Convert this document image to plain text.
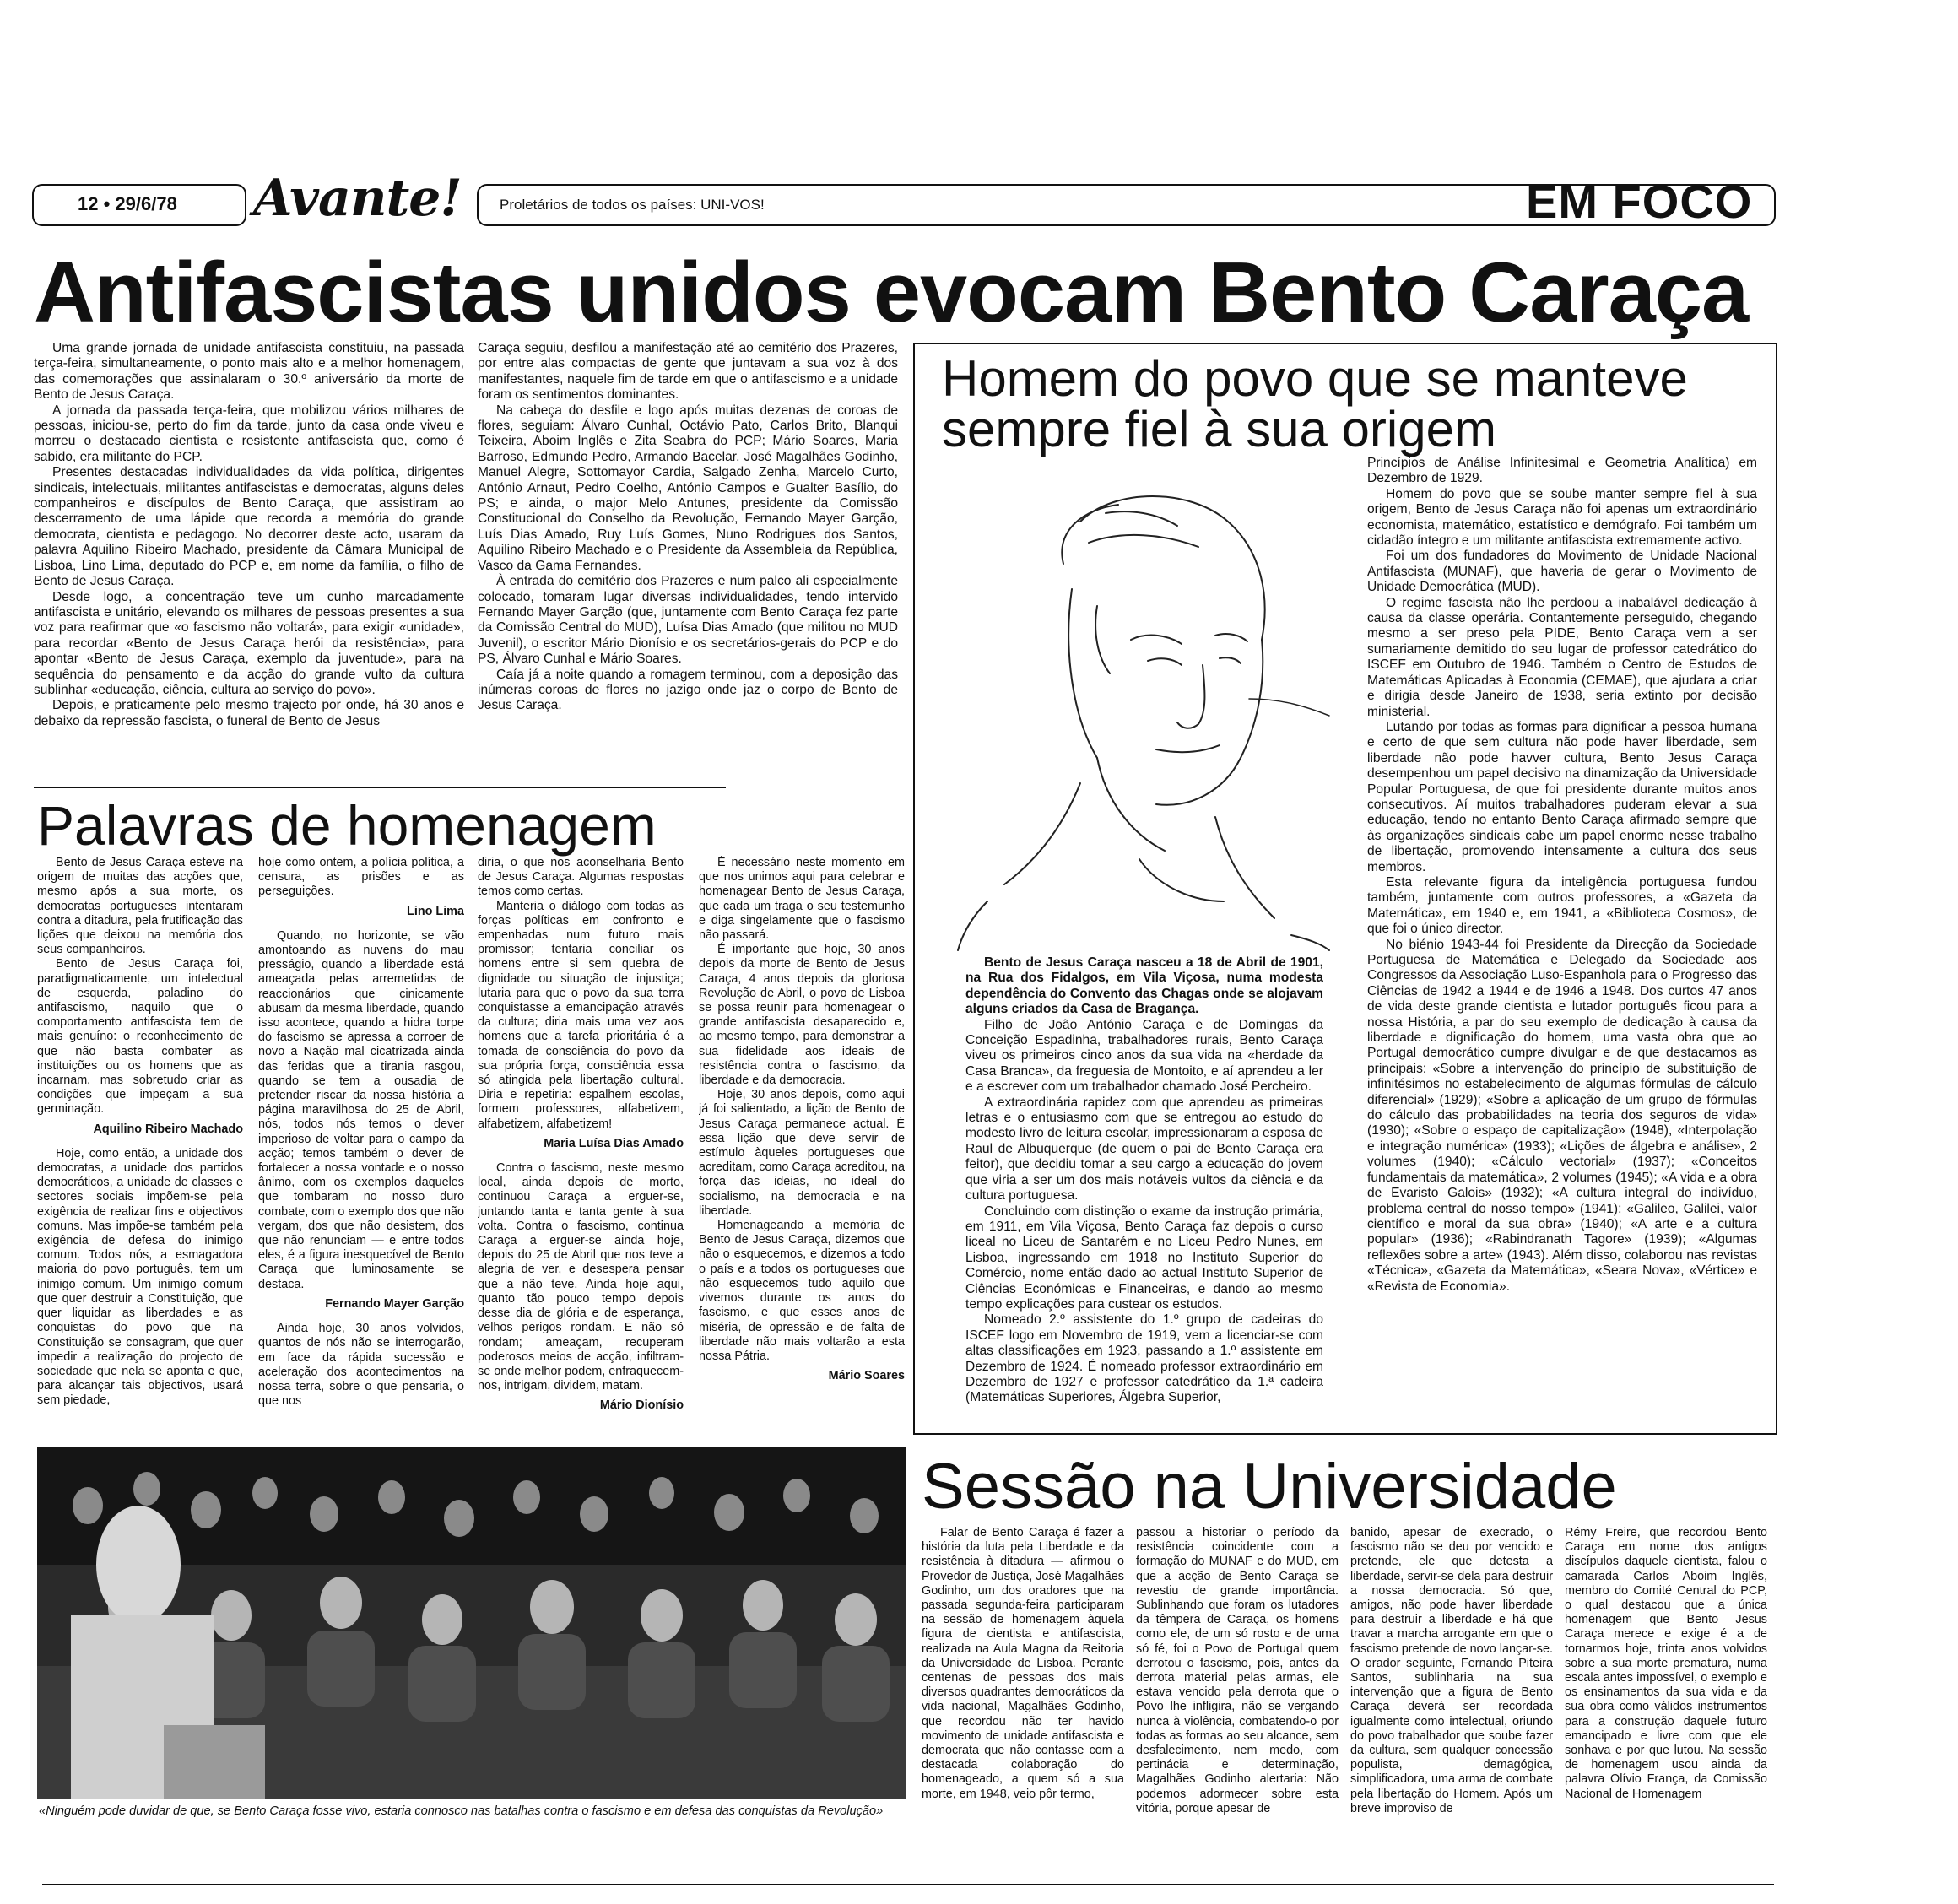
12 • 29/6/78 Avante!	Proletários de todos os países: UNI-VOS!	EM FOCO
Antifascistas unidos evocam Bento Caraça

Uma grande jornada de unidade antifascista constituiu, na passada terça-feira, simultaneamente, o ponto mais alto e a melhor homenagem, das comemorações que assinalaram o 30.º aniversário da morte de Bento de Jesus Caraça.

A jornada da passada terça-feira, que mobilizou vários milhares de pessoas, iniciou-se, perto do fim da tarde, junto da casa onde viveu e morreu o destacado cientista e resistente antifascista que, como é sabido, era militante do PCP.

Presentes destacadas individualidades da vida política, dirigentes sindicais, intelectuais, militantes antifascistas e democratas, alguns deles companheiros e discípulos de Bento Caraça, que assistiram ao descerramento de uma lápide que recorda a memória do grande democrata, cientista e pedagogo. No decorrer deste acto, usaram da palavra Aquilino Ribeiro Machado, presidente da Câmara Municipal de Lisboa, Lino Lima, deputado do PCP e, em nome da família, o filho de Bento de Jesus Caraça.

Desde logo, a concentração teve um cunho marcadamente antifascista e unitário, elevando os milhares de pessoas presentes a sua voz para reafirmar que «o fascismo não voltará», para exigir «unidade», para recordar «Bento de Jesus Caraça herói da resistência», para apontar «Bento de Jesus Caraça, exemplo da juventude», para na sequência do pensamento e da acção do grande vulto da cultura sublinhar «educação, ciência, cultura ao serviço do povo».

Depois, e praticamente pelo mesmo trajecto por onde, há 30 anos e debaixo da repressão fascista, o funeral de Bento de Jesus

Caraça seguiu, desfilou a manifestação até ao cemitério dos Prazeres, por entre alas compactas de gente que juntavam a sua voz à dos manifestantes, naquele fim de tarde em que o antifascismo e a unidade foram os sentimentos dominantes.

Na cabeça do desfile e logo após muitas dezenas de coroas de flores, seguiam: Álvaro Cunhal, Octávio Pato, Carlos Brito, Blanqui Teixeira, Aboim Inglês e Zita Seabra do PCP; Mário Soares, Maria Barroso, Edmundo Pedro, Armando Bacelar, José Magalhães Godinho, Manuel Alegre, Sottomayor Cardia, Salgado Zenha, Marcelo Curto, António Arnaut, Pedro Coelho, António Campos e Gualter Basílio, do PS; e ainda, o major Melo Antunes, presidente da Comissão Constitucional do Conselho da Revolução, Fernando Mayer Garção, Luís Dias Amado, Ruy Luís Gomes, Nuno Rodrigues dos Santos, Aquilino Ribeiro Machado e o Presidente da Assembleia da República, Vasco da Gama Fernandes.

À entrada do cemitério dos Prazeres e num palco ali especialmente colocado, tomaram lugar diversas individualidades, tendo intervido Fernando Mayer Garção (que, juntamente com Bento Caraça fez parte da Comissão Central do MUD), Luísa Dias Amado (que militou no MUD Juvenil), o escritor Mário Dionísio e os secretários-gerais do PCP e do PS, Álvaro Cunhal e Mário Soares.

Caía já a noite quando a romagem terminou, com a deposição das inúmeras coroas de flores no jazigo onde jaz o corpo de Bento de Jesus Caraça.

Homem do povo que se manteve
sempre fiel à sua origem

Bento de Jesus Caraça nasceu a 18 de Abril de 1901, na Rua dos Fidalgos, em Vila Viçosa, numa modesta dependência do Convento das Chagas onde se alojavam alguns criados da Casa de Bragança.

Filho de João António Caraça e de Domingas da Conceição Espadinha, trabalhadores rurais, Bento Caraça viveu os primeiros cinco anos da sua vida na «herdade da Casa Branca», da freguesia de Montoito, e aí aprendeu a ler e a escrever com um trabalhador chamado José Percheiro.

A extraordinária rapidez com que aprendeu as primeiras letras e o entusiasmo com que se entregou ao estudo do modesto livro de leitura escolar, impressionaram a esposa de Raul de Albuquerque (de quem o pai de Bento Caraça era feitor), que decidiu tomar a seu cargo a educação do jovem que viria a ser um dos mais notáveis vultos da ciência e da cultura portuguesa.

Concluindo com distinção o exame da instrução primária, em 1911, em Vila Viçosa, Bento Caraça faz depois o curso liceal no Liceu de Santarém e no Liceu Pedro Nunes, em Lisboa, ingressando em 1918 no Instituto Superior do Comércio, nome então dado ao actual Instituto Superior de Ciências Económicas e Financeiras, e dando ao mesmo tempo explicações para custear os estudos.

Nomeado 2.º assistente do 1.º grupo de cadeiras do ISCEF logo em Novembro de 1919, vem a licenciar-se com altas classificações em 1923, passando a 1.º assistente em Dezembro de 1924. É nomeado professor extraordinário em Dezembro de 1927 e professor catedrático da 1.ª cadeira (Matemáticas Superiores, Álgebra Superior,

Princípios de Análise Infinitesimal e Geometria Analítica) em Dezembro de 1929.

Homem do povo que se soube manter sempre fiel à sua origem, Bento de Jesus Caraça não foi apenas um extraordinário economista, matemático, estatístico e demógrafo. Foi também um cidadão íntegro e um militante antifascista extremamente activo.

Foi um dos fundadores do Movimento de Unidade Nacional Antifascista (MUNAF), que haveria de gerar o Movimento de Unidade Democrática (MUD).

O regime fascista não lhe perdoou a inabalável dedicação à causa da classe operária. Contantemente perseguido, chegando mesmo a ser preso pela PIDE, Bento Caraça vem a ser sumariamente demitido do seu lugar de professor catedrático do ISCEF em Outubro de 1946. Também o Centro de Estudos de Matemáticas Aplicadas à Economia (CEMAE), que ajudara a criar e dirigia desde Janeiro de 1938, seria extinto por decisão ministerial.

Lutando por todas as formas para dignificar a pessoa humana e certo de que sem cultura não pode haver liberdade, sem liberdade não pode havver cultura, Bento Jesus Caraça desempenhou um papel decisivo na dinamização da Universidade Popular Portuguesa, de que foi presidente durante muitos anos consecutivos. Aí muitos trabalhadores puderam elevar a sua educação, tendo no entanto Bento Caraça afirmado sempre que às organizações sindicais cabe um papel enorme nesse trabalho de libertação, promovendo intensamente a cultura dos seus membros.

Esta relevante figura da inteligência portuguesa fundou também, juntamente com outros professores, a «Gazeta da Matemática», em 1940 e, em 1941, a «Biblioteca Cosmos», de que foi o único director.

No biénio 1943-44 foi Presidente da Direcção da Sociedade Portuguesa de Matemática e Delegado da Sociedade aos Congressos da Associação Luso-Espanhola para o Progresso das Ciências de 1942 a 1944 e de 1946 a 1948. Dos curtos 47 anos de vida deste grande cientista e lutador português ficou para a nossa História, a par do seu exemplo de dedicação à causa da liberdade e dignificação do homem, uma vasta obra que ao Portugal democrático cumpre divulgar e de que destacamos as principais: «Sobre a intervenção do princípio de substituição de infinitésimos no estabelecimento de algumas fórmulas de cálculo diferencial» (1929); «Sobre a aplicação de um grupo de fórmulas do cálculo das probabilidades na teoria dos seguros de vida» (1930); «Sobre o espaço de capitalização» (1948), «Interpolação e integração numérica» (1933); «Lições de álgebra e análise», 2 volumes (1940); «Cálculo vectorial» (1937); «Conceitos fundamentais da matemática», 2 volumes (1945); «A vida e a obra de Evaristo Galois» (1932); «A cultura integral do indivíduo, problema central do nosso tempo» (1941); «Galileo, Galilei, valor científico e moral da sua obra» (1940); «A arte e a cultura popular» (1936); «Rabindranath Tagore» (1939); «Algumas reflexões sobre a arte» (1943). Além disso, colaborou nas revistas «Técnica», «Gazeta da Matemática», «Seara Nova», «Vértice» e «Revista de Economia».

Palavras de homenagem

Bento de Jesus Caraça esteve na origem de muitas das acções que, mesmo após a sua morte, os democratas portugueses intentaram contra a ditadura, pela frutificação das lições que deixou na memória dos seus companheiros.

Bento de Jesus Caraça foi, paradigmaticamente, um intelectual de esquerda, paladino do antifascismo, naquilo que o comportamento antifascista tem de mais genuíno: o reconhecimento de que não basta combater as instituições ou os homens que as incarnam, mas sobretudo criar as condições que impeçam a sua germinação.

Aquilino Ribeiro Machado

Hoje, como então, a unidade dos democratas, a unidade dos partidos democráticos, a unidade de classes e sectores sociais impõem-se pela exigência de realizar fins e objectivos comuns. Mas impõe-se também pela exigência de defesa do inimigo comum. Todos nós, a esmagadora maioria do povo português, tem um inimigo comum. Um inimigo comum que quer destruir a Constituição, que quer liquidar as liberdades e as conquistas do povo que na Constituição se consagram, que quer impedir a realização do projecto de sociedade que nela se aponta e que, para alcançar tais objectivos, usará sem piedade,

hoje como ontem, a polícia política, a censura, as prisões e as perseguições.

Lino Lima

Quando, no horizonte, se vão amontoando as nuvens do mau presságio, quando a liberdade está ameaçada pelas arremetidas de reaccionários que cinicamente abusam da mesma liberdade, quando isso acontece, quando a hidra torpe do fascismo se apressa a corroer de novo a Nação mal cicatrizada ainda das feridas que a tirania rasgou, quando se tem a ousadia de pretender riscar da nossa história a página maravilhosa do 25 de Abril, nós, todos nós temos o dever imperioso de voltar para o campo da acção; temos também o dever de fortalecer a nossa vontade e o nosso ânimo, com os exemplos daqueles que tombaram no nosso duro combate, com o exemplo dos que não vergam, dos que não desistem, dos que não renunciam — e entre todos eles, é a figura inesquecível de Bento Caraça que luminosamente se destaca.

Fernando Mayer Garção

Ainda hoje, 30 anos volvidos, quantos de nós não se interrogarão, em face da rápida sucessão e aceleração dos acontecimentos na nossa terra, sobre o que pensaria, o que nos

diria, o que nos aconselharia Bento de Jesus Caraça. Algumas respostas temos como certas.

Manteria o diálogo com todas as forças políticas em confronto e empenhadas num futuro mais promissor; tentaria conciliar os homens entre si sem quebra de dignidade ou situação de injustiça; lutaria para que o povo da sua terra conquistasse a emancipação através da cultura; diria mais uma vez aos homens que a tarefa prioritária é a tomada de consciência do povo da sua própria força, consciência essa só atingida pela libertação cultural. Diria e repetiria: espalhem escolas, formem professores, alfabetizem, alfabetizem, alfabetizem!

Maria Luísa Dias Amado

Contra o fascismo, neste mesmo local, ainda depois de morto, continuou Caraça a erguer-se, juntando tanta e tanta gente à sua volta. Contra o fascismo, continua Caraça a erguer-se ainda hoje, depois do 25 de Abril que nos teve a alegria de ver, e desespera pensar que a não teve. Ainda hoje aqui, quanto tão pouco tempo depois desse dia de glória e de esperança, velhos perigos rondam. E não só rondam; ameaçam, recuperam poderosos meios de acção, infiltram-se onde melhor podem, enfraquecem-nos, intrigam, dividem, matam.

Mário Dionísio

É necessário neste momento em que nos unimos aqui para celebrar e homenagear Bento de Jesus Caraça, que cada um traga o seu testemunho e diga singelamente que o fascismo não passará.

É importante que hoje, 30 anos depois da morte de Bento de Jesus Caraça, 4 anos depois da gloriosa Revolução de Abril, o povo de Lisboa se possa reunir para homenagear o grande antifascista desaparecido e, ao mesmo tempo, para demonstrar a sua fidelidade aos ideais de resistência contra o fascismo, da liberdade e da democracia.

Hoje, 30 anos depois, como aqui já foi salientado, a lição de Bento de Jesus Caraça permanece actual. É essa lição que deve servir de estímulo àqueles portugueses que acreditam, como Caraça acreditou, na força das ideias, no ideal do socialismo, na democracia e na liberdade.

Homenageando a memória de Bento de Jesus Caraça, dizemos que não o esquecemos, e dizemos a todo o país e a todos os portugueses que não esquecemos tudo aquilo que vivemos durante os anos do fascismo, e que esses anos de miséria, de opressão e de falta de liberdade não mais voltarão a esta nossa Pátria.

Mário Soares

«Ninguém pode duvidar de que, se Bento Caraça fosse vivo, estaria connosco nas batalhas contra o fascismo e em defesa das conquistas da Revolução»
Sessão na Universidade

Falar de Bento Caraça é fazer a história da luta pela Liberdade e da resistência à ditadura — afirmou o Provedor de Justiça, José Magalhães Godinho, um dos oradores que na passada segunda-feira participaram na sessão de homenagem àquela figura de cientista e antifascista, realizada na Aula Magna da Reitoria da Universidade de Lisboa. Perante centenas de pessoas dos mais diversos quadrantes democráticos da vida nacional, Magalhães Godinho, que recordou não ter havido movimento de unidade antifascista e democrata que não contasse com a destacada colaboração do homenageado, a quem só a sua morte, em 1948, veio pôr termo,

passou a historiar o período da resistência coincidente com a formação do MUNAF e do MUD, em que a acção de Bento Caraça se revestiu de grande importância. Sublinhando que foram os lutadores da têmpera de Caraça, os homens como ele, de um só rosto e de uma só fé, foi o Povo de Portugal quem derrotou o fascismo, pois, antes da derrota material pelas armas, ele estava vencido pela derrota que o Povo lhe infligira, não se vergando nunca à violência, combatendo-o por todas as formas ao seu alcance, sem desfalecimento, nem medo, com pertinácia e determinação, Magalhães Godinho alertaria: Não podemos adormecer sobre esta vitória, porque apesar de

banido, apesar de execrado, o fascismo não se deu por vencido e pretende, ele que detesta a liberdade, servir-se dela para destruir a nossa democracia. Só que, amigos, não pode haver liberdade para destruir a liberdade e há que travar a marcha arrogante em que o fascismo pretende de novo lançar-se. O orador seguinte, Fernando Piteira Santos, sublinharia na sua intervenção que a figura de Bento Caraça deverá ser recordada igualmente como intelectual, oriundo do povo trabalhador que soube fazer da cultura, sem qualquer concessão populista, demagógica, simplificadora, uma arma de combate pela libertação do Homem. Após um breve improviso de

Rémy Freire, que recordou Bento Caraça em nome dos antigos discípulos daquele cientista, falou o camarada Carlos Aboim Inglês, membro do Comité Central do PCP, o qual destacou que a única homenagem que Bento Jesus Caraça merece e exige é a de tornarmos hoje, trinta anos volvidos sobre a sua morte prematura, numa escala antes impossível, o exemplo e os ensinamentos da sua vida e da sua obra como válidos instrumentos para a construção daquele futuro emancipado e livre com que ele sonhava e por que lutou. Na sessão de homenagem usou ainda da palavra Olívio França, da Comissão Nacional de Homenagem
